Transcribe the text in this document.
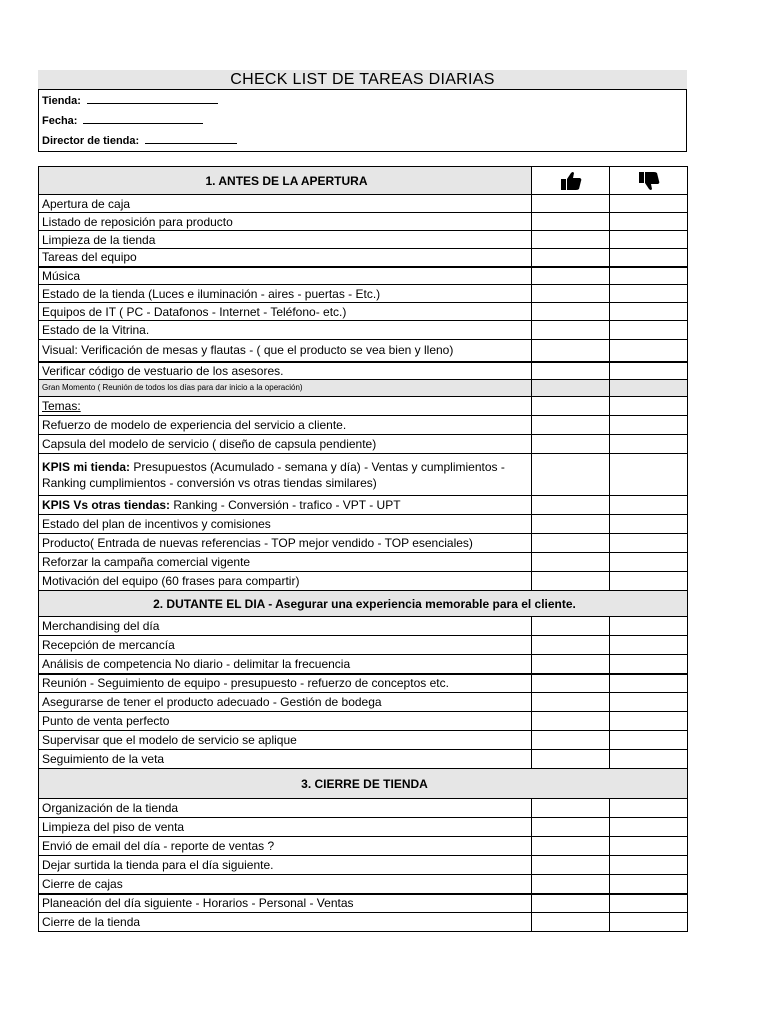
CHECK LIST DE TAREAS DIARIAS
Tienda:
Fecha:
Director de tienda:
1. ANTES DE LA APERTURA	

Apertura de caja		
Listado de reposición para producto		
Limpieza de la tienda		
Tareas del equipo		
Música		
Estado de la tienda (Luces e iluminación - aires - puertas - Etc.)		
Equipos de IT ( PC - Datafonos - Internet - Teléfono- etc.)		
Estado de la Vitrina.		
Visual: Verificación de mesas y flautas - ( que el producto se vea bien y lleno)		
Verificar código de vestuario de los asesores.		
Gran Momento ( Reunión de todos los días para dar inicio a la operación)		
Temas:		
Refuerzo de modelo de experiencia del servicio a cliente.		
Capsula del modelo de servicio ( diseño de capsula pendiente)		
KPIS mi tienda: Presupuestos (Acumulado - semana y día) - Ventas y cumplimientos - Ranking cumplimientos - conversión vs otras tiendas similares)		
KPIS Vs otras tiendas: Ranking - Conversión - trafico - VPT - UPT		
Estado del plan de incentivos y comisiones		
Producto( Entrada de nuevas referencias - TOP mejor vendido - TOP esenciales)		
Reforzar la campaña comercial vigente		
Motivación del equipo (60 frases para compartir)		
2. DUTANTE EL DIA - Asegurar una experiencia memorable para el cliente.		
Merchandising del día		
Recepción de mercancía		
Análisis de competencia No diario - delimitar la frecuencia		
Reunión - Seguimiento de equipo - presupuesto - refuerzo de conceptos etc.		
Asegurarse de tener el producto adecuado - Gestión de bodega		
Punto de venta perfecto		
Supervisar que el modelo de servicio se aplique		
Seguimiento de la veta		
3. CIERRE DE TIENDA		
Organización de la tienda		
Limpieza del piso de venta		
Envió de email del día - reporte de ventas ?		
Dejar surtida la tienda para el día siguiente.		
Cierre de cajas		
Planeación del día siguiente - Horarios - Personal - Ventas		
Cierre de la tienda		
